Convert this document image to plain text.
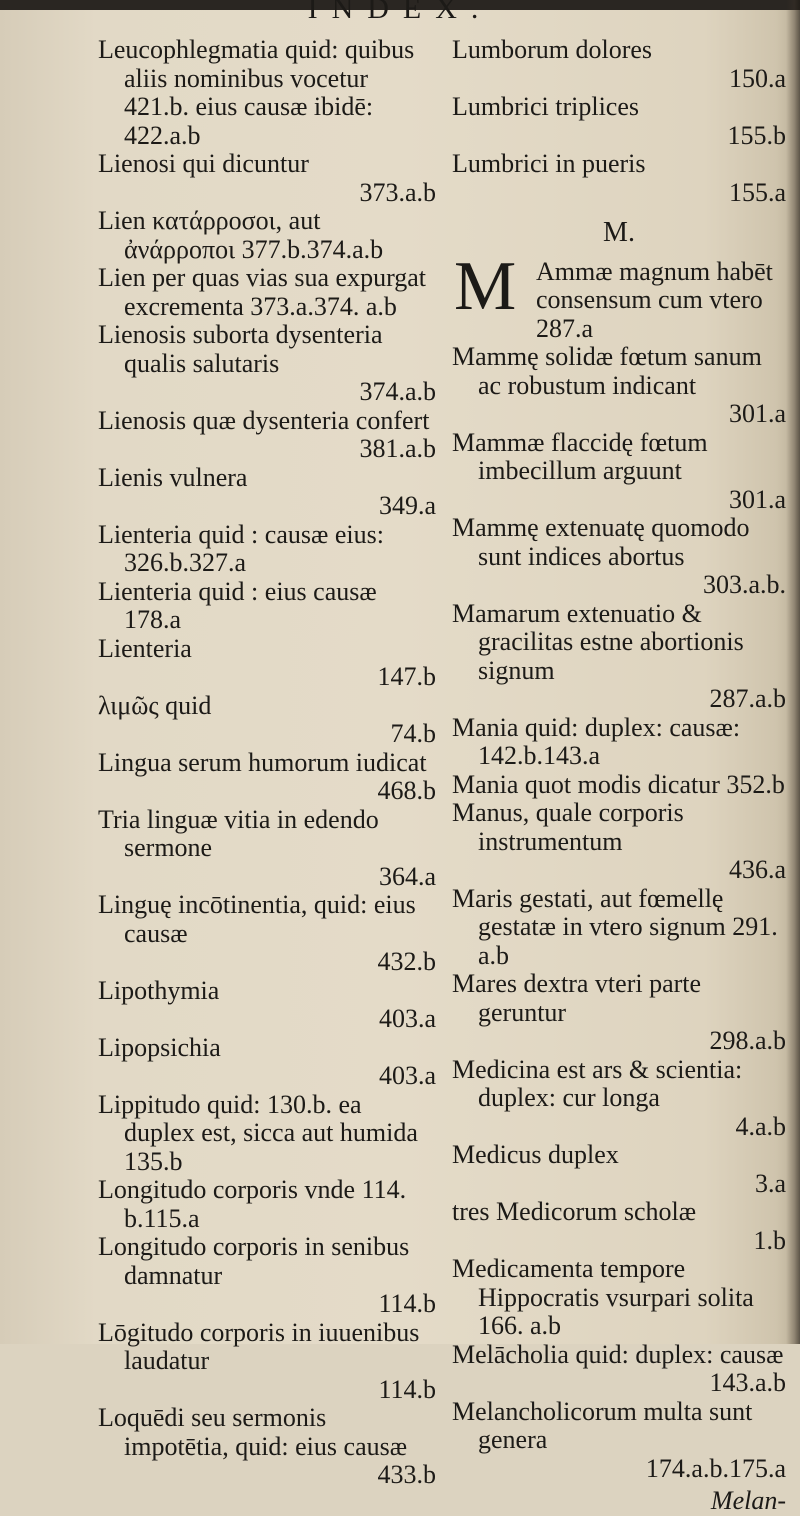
INDEX.
Leucophlegmatia quid: quibus aliis nominibus vocetur 421.b. eius causæ ibidē: 422.a.b
Lienosi qui dicuntur
373.a.b
Lien κατάρροσοι, aut ἀνάρροποι 377.b.374.a.b
Lien per quas vias sua expurgat excrementa 373.a.374. a.b
Lienosis suborta dysenteria qualis salutaris
374.a.b
Lienosis quæ dysenteria confert
381.a.b
Lienis vulnera
349.a
Lienteria quid : causæ eius: 326.b.327.a
Lienteria quid : eius causæ 178.a
Lienteria
147.b
λιμῶς quid
74.b
Lingua serum humorum iudicat
468.b
Tria linguæ vitia in edendo sermone
364.a
Linguę incōtinentia, quid: eius causæ
432.b
Lipothymia
403.a
Lipopsichia
403.a
Lippitudo quid: 130.b. ea duplex est, sicca aut humida 135.b
Longitudo corporis vnde 114. b.115.a
Longitudo corporis in senibus damnatur
114.b
Lōgitudo corporis in iuuenibus laudatur
114.b
Loquēdi seu sermonis impotētia, quid: eius causæ
433.b
Lumborum dolores
150.a
Lumbrici triplices
155.b
Lumbrici in pueris
155.a
M.
M Ammæ magnum habēt consensum cum vtero 287.a
Mammę solidæ fœtum sanum ac robustum indicant
301.a
Mammæ flaccidę fœtum imbecillum arguunt
301.a
Mammę extenuatę quomodo sunt indices abortus
303.a.b.
Mamarum extenuatio & gracilitas estne abortionis signum
287.a.b
Mania quid: duplex: causæ: 142.b.143.a
Mania quot modis dicatur 352.b
Manus, quale corporis instrumentum
436.a
Maris gestati, aut fœmellę gestatæ in vtero signum 291. a.b
Mares dextra vteri parte geruntur
298.a.b
Medicina est ars & scientia: duplex: cur longa
4.a.b
Medicus duplex
3.a
tres Medicorum scholæ
1.b
Medicamenta tempore Hippocratis vsurpari solita 166. a.b
Melācholia quid: duplex: causæ
143.a.b
Melancholicorum multa sunt genera
174.a.b.175.a
Melan-
